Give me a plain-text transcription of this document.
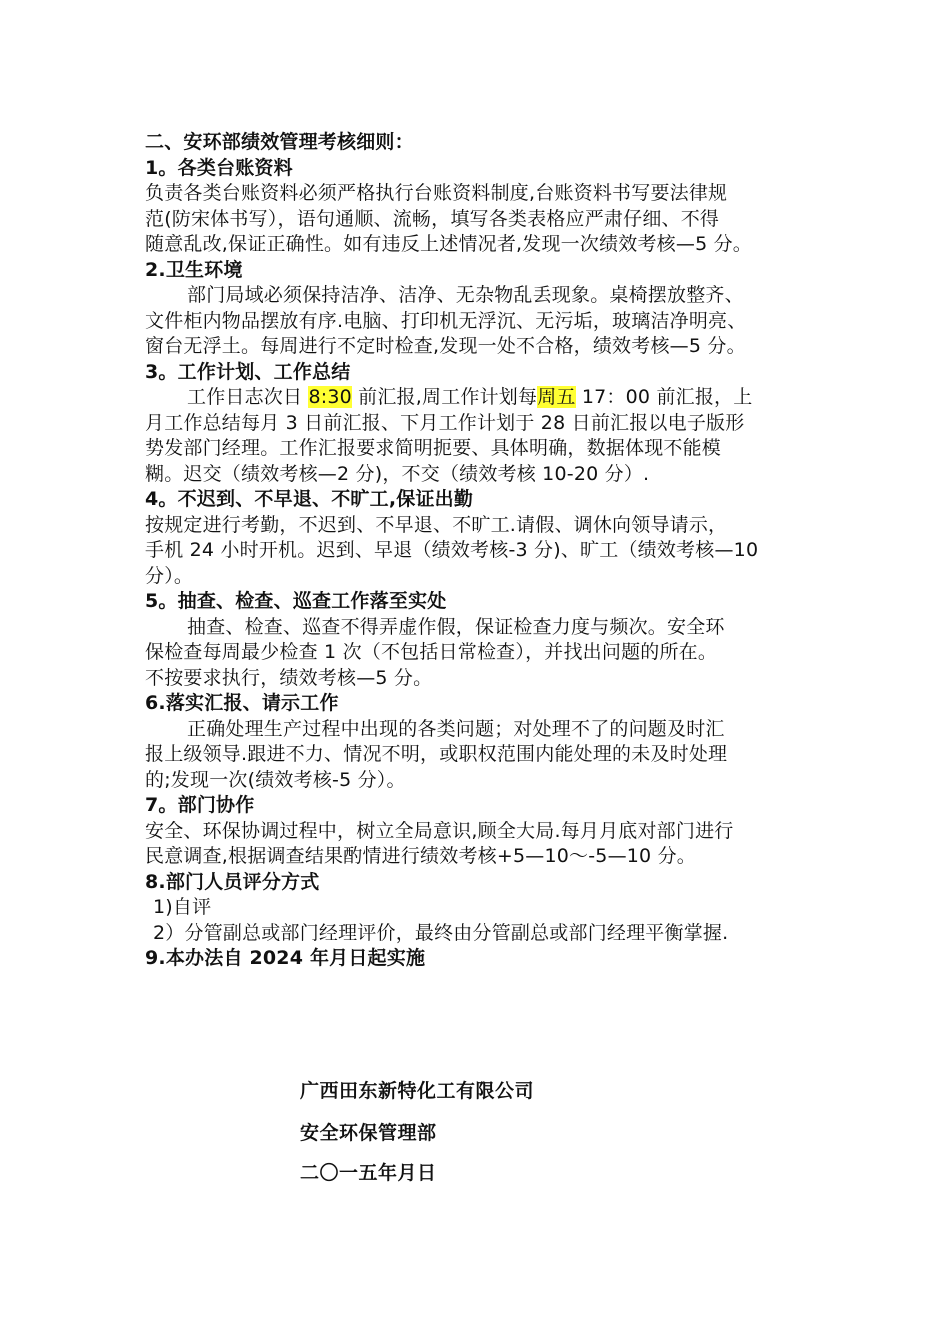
二、安环部绩效管理考核细则：
1。各类台账资料
负责各类台账资料必须严格执行台账资料制度,台账资料书写要法律规
范(防宋体书写），语句通顺、流畅，填写各类表格应严肃仔细、不得
随意乱改,保证正确性。如有违反上述情况者,发现一次绩效考核—5 分。
2.卫生环境
部门局域必须保持洁净、洁净、无杂物乱丢现象。桌椅摆放整齐、
文件柜内物品摆放有序.电脑、打印机无浮沉、无污垢，玻璃洁净明亮、
窗台无浮土。每周进行不定时检查,发现一处不合格，绩效考核—5 分。
3。工作计划、工作总结
工作日志次日 8:30 前汇报,周工作计划每周五 17：00 前汇报，上
月工作总结每月 3 日前汇报、下月工作计划于 28 日前汇报以电子版形
势发部门经理。工作汇报要求简明扼要、具体明确，数据体现不能模
糊。迟交（绩效考核—2 分)，不交（绩效考核 10-20 分）.
4。不迟到、不早退、不旷工,保证出勤
按规定进行考勤，不迟到、不早退、不旷工.请假、调休向领导请示，
手机 24 小时开机。迟到、早退（绩效考核-3 分)、旷工（绩效考核—10
分）。
5。抽查、检查、巡查工作落至实处
抽查、检查、巡查不得弄虚作假，保证检查力度与频次。安全环
保检查每周最少检查 1 次（不包括日常检查），并找出问题的所在。
不按要求执行，绩效考核—5 分。
6.落实汇报、请示工作
正确处理生产过程中出现的各类问题；对处理不了的问题及时汇
报上级领导.跟进不力、情况不明，或职权范围内能处理的未及时处理
的;发现一次(绩效考核-5 分）。
7。部门协作
安全、环保协调过程中，树立全局意识,顾全大局.每月月底对部门进行
民意调查,根据调查结果酌情进行绩效考核+5—10～-5—10 分。
8.部门人员评分方式
1)自评
2）分管副总或部门经理评价，最终由分管副总或部门经理平衡掌握.
9.本办法自 2024 年月日起实施
广西田东新特化工有限公司
安全环保管理部
二〇一五年月日
